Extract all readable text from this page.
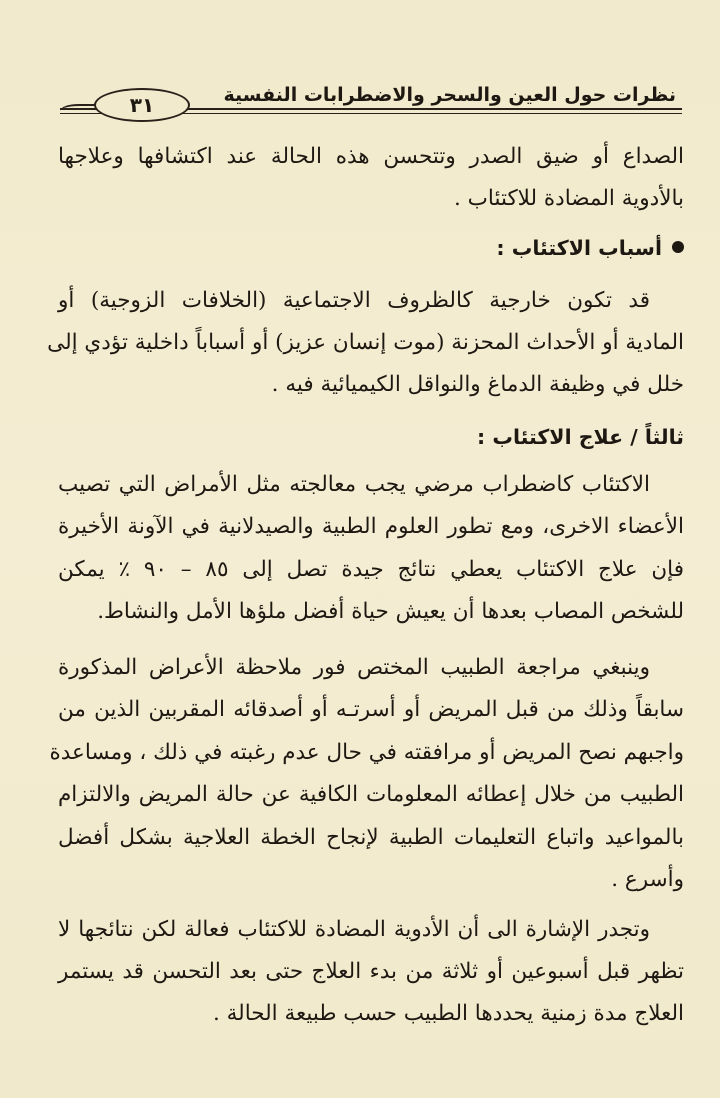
٣١	نظرات حول العين والسحر والاضطرابات النفسية
الصداع أو ضيق الصدر وتتحسن هذه الحالة عند اكتشافها وعلاجها
بالأدوية المضادة للاكتئاب .
أسباب الاكتئاب :
قد تكون خارجية كالظروف الاجتماعية (الخلافات الزوجية) أو
المادية أو الأحداث المحزنة (موت إنسان عزيز) أو أسباباً داخلية تؤدي إلى
خلل في وظيفة الدماغ والنواقل الكيميائية فيه .
ثالثاً / علاج الاكتئاب :
الاكتئاب كاضطراب مرضي يجب معالجته مثل الأمراض التي تصيب
الأعضاء الاخرى، ومع تطور العلوم الطبية والصيدلانية في الآونة الأخيرة
فإن علاج الاكتئاب يعطي نتائج جيدة تصل إلى ٨٥ – ٩٠ ٪ يمكن
للشخص المصاب بعدها أن يعيش حياة أفضل ملؤها الأمل والنشاط.
وينبغي مراجعة الطبيب المختص فور ملاحظة الأعراض المذكورة
سابقاً وذلك من قبل المريض أو أسرتـه أو أصدقائه المقربين الذين من
واجبهم نصح المريض أو مرافقته في حال عدم رغبته في ذلك ، ومساعدة
الطبيب من خلال إعطائه المعلومات الكافية عن حالة المريض والالتزام
بالمواعيد واتباع التعليمات الطبية لإنجاح الخطة العلاجية بشكل أفضل
وأسرع .
وتجدر الإشارة الى أن الأدوية المضادة للاكتئاب فعالة لكن نتائجها لا
تظهر قبل أسبوعين أو ثلاثة من بدء العلاج حتى بعد التحسن قد يستمر
العلاج مدة زمنية يحددها الطبيب حسب طبيعة الحالة .
